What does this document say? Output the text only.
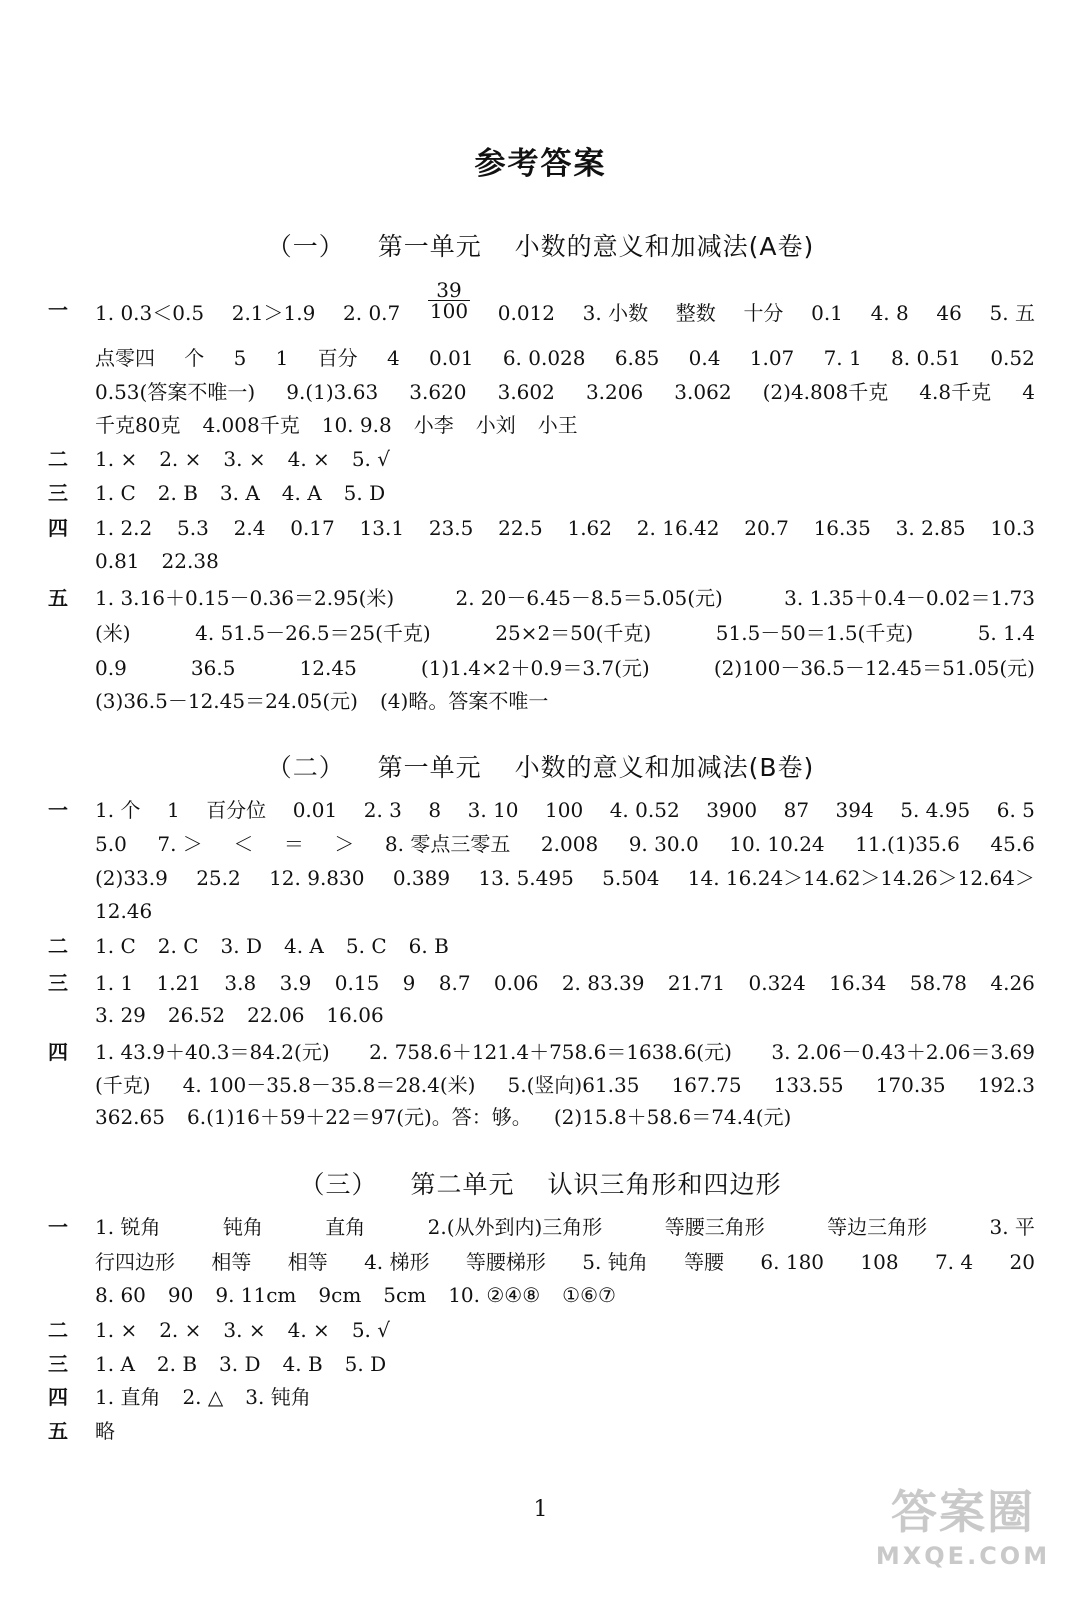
参考答案
（一） 第一单元 小数的意义和加减法(A卷)
一 1. 0.3＜0.5 2.1＞1.9 2. $0.7 \frac{39}{100} 0.012$ 3. 小数 整数 十分 0.1 4. 8 46 5. 五
点零四 个 5 1 百分 4 0.01 6. 0.028 6.85 0.4 1.07 7. 1 8. 0.51 0.52
0.53(答案不唯一) 9.(1)3.63 3.620 3.602 3.206 3.062 (2)4.808千克 4.8千克 4
千克80克 4.008千克 10. 9.8 小李 小刘 小王
二 1. × 2. × 3. × 4. × 5. √
三 1. C 2. B 3. A 4. A 5. D
四 1. 2.2 5.3 2.4 0.17 13.1 23.5 22.5 1.62 2. 16.42 20.7 16.35 3. 2.85 10.3
0.81 22.38
五 1. 3.16＋0.15－0.36＝2.95(米)	2. 20－6.45－8.5＝5.05(元)	3. 1.35＋0.4－0.02＝1.73
(米)	4. 51.5－26.5＝25(千克)	25×2＝50(千克)	51.5－50＝1.5(千克)	5. 1.4
0.9	36.5	12.45	(1)1.4×2＋0.9＝3.7(元)	(2)100－36.5－12.45＝51.05(元)
(3)36.5－12.45＝24.05(元) (4)略。答案不唯一
（二） 第一单元 小数的意义和加减法(B卷)
一 1. 个 1 百分位 0.01 2. 3 8 3. 10 100 4. 0.52 3900 87 394 5. 4.95 6. 5
5.0 7. ＞ ＜ ＝ ＞ 8. 零点三零五 2.008 9. 30.0 10. 10.24 11.(1)35.6 45.6
(2)33.9 25.2 12. 9.830 0.389 13. 5.495 5.504 14. 16.24＞14.62＞14.26＞12.64＞
12.46
二 1. C 2. C 3. D 4. A 5. C 6. B
三 1. 1 1.21 3.8 3.9 0.15 9 8.7 0.06 2. 83.39 21.71 0.324 16.34 58.78 4.26
3. 29 26.52 22.06 16.06
四 1. 43.9＋40.3＝84.2(元) 2. 758.6＋121.4＋758.6＝1638.6(元) 3. 2.06－0.43＋2.06＝3.69
(千克) 4. 100－35.8－35.8＝28.4(米) 5.(竖向)61.35 167.75 133.55 170.35 192.3
362.65 6.(1)16＋59＋22＝97(元)。答：够。 (2)15.8＋58.6＝74.4(元)
（三） 第二单元 认识三角形和四边形
一 1. 锐角	钝角	直角	2.(从外到内)三角形	等腰三角形	等边三角形	3. 平
行四边形 相等 相等 4. 梯形 等腰梯形 5. 钝角 等腰 6. 180 108 7. 4 20
8. 60 90 9. 11cm 9cm 5cm 10. ②④⑧ ①⑥⑦
二 1. × 2. × 3. × 4. × 5. √
三 1. A 2. B 3. D 4. B 5. D
四 1. 直角 2. △ 3. 钝角
五 略
1	答案圈
MXQE.COM
